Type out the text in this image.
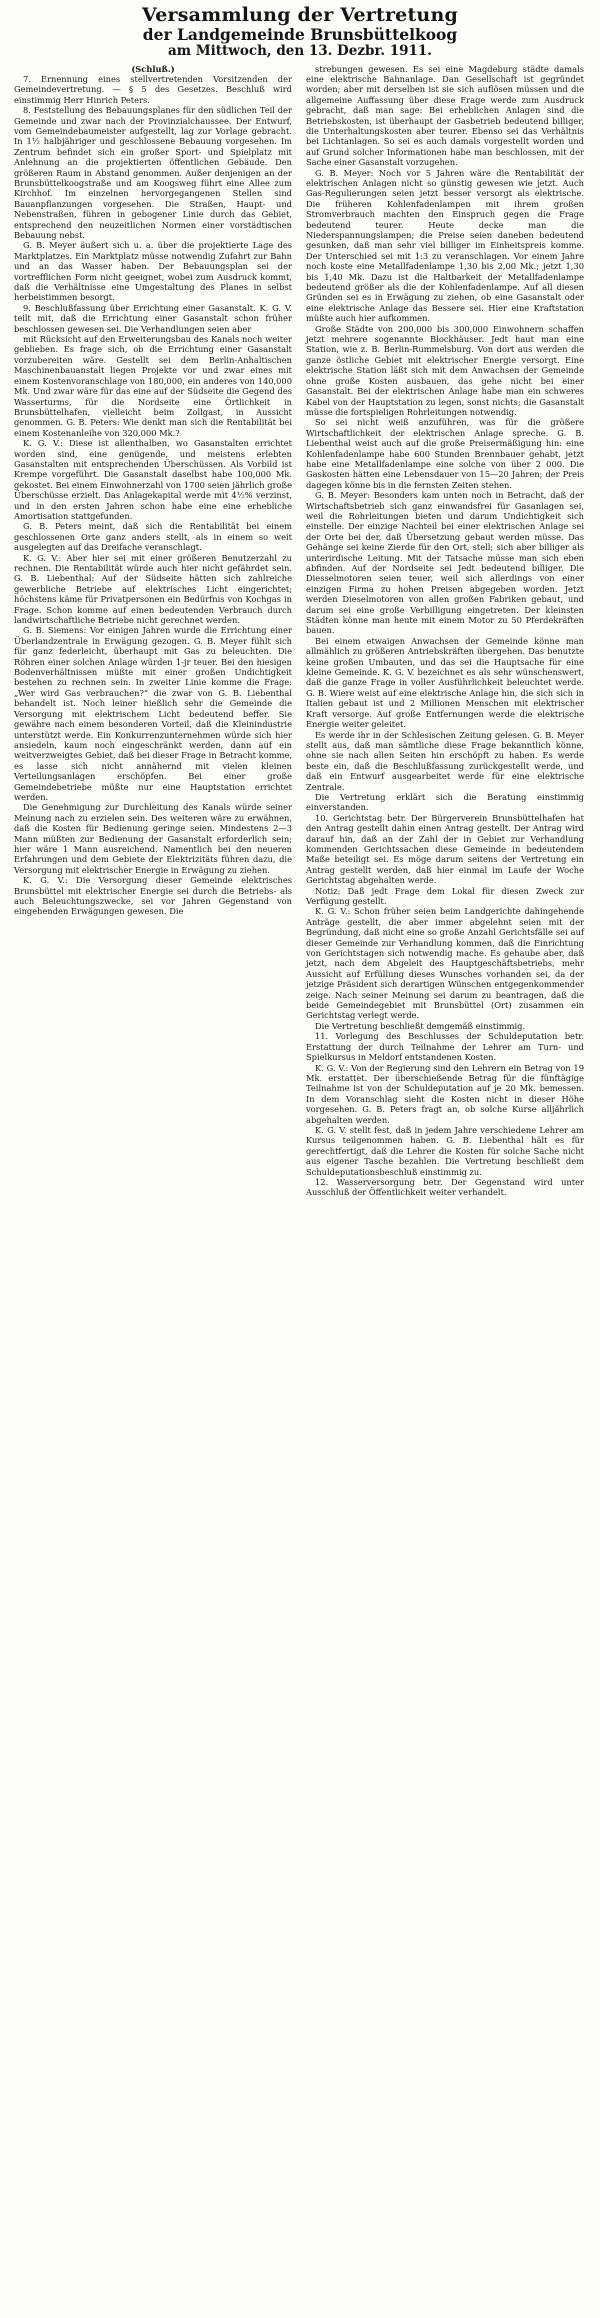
Versammlung der Vertretung
der Landgemeinde Brunsbüttelkoog
am Mittwoch, den 13. Dezbr. 1911.

(Schluß.)

7. Ernennung eines stellvertretenden Vorsitzenden der Gemeindevertretung. — § 5 des Gesetzes. Beschluß wird einstimmig Herr Hinrich Peters.

8. Feststellung des Bebauungsplanes für den südlichen Teil der Gemeinde und zwar nach der Provinzialchaussee. Der Entwurf, vom Gemeindebaumeister aufgestellt, lag zur Vorlage gebracht. In 1½ halbjähriger und geschlossene Bebauung vorgesehen. Im Zentrum befindet sich ein großer Sport- und Spielplatz mit Anlehnung an die projektierten öffentlichen Gebäude. Den größeren Raum in Abstand genommen. Außer denjenigen an der Brunsbüttelkoogstraße und am Koogsweg führt eine Allee zum Kirchhof. Im einzelnen hervorgegangenen Stellen sind Bauanpflanzungen vorgesehen. Die Straßen, Haupt- und Nebenstraßen, führen in gebogener Linie durch das Gebiet, entsprechend den neuzeitlichen Normen einer vorstädtischen Bebauung nebst.

G. B. Meyer äußert sich u. a. über die projektierte Lage des Marktplatzes. Ein Marktplatz müsse notwendig Zufahrt zur Bahn und an das Wasser haben. Der Bebauungsplan sei der vortrefflichen Form nicht geeignet, wobei zum Ausdruck kommt, daß die Verhältnisse eine Umgestaltung des Planes in selbst herbeistimmen besorgt.

9. Beschlußfassung über Errichtung einer Gasanstalt. K. G. V. teilt mit, daß die Errichtung einer Gasanstalt schon früher beschlossen gewesen sei. Die Verhandlungen seien aber

mit Rücksicht auf den Erweiterungsbau des Kanals noch weiter geblieben. Es frage sich, ob die Errichtung einer Gasanstalt vorzubereiten wäre. Gestellt sei dem Berlin-Anhaltischen Maschinenbauanstalt liegen Projekte vor und zwar eines mit einem Kostenvoranschlage von 180,000, ein anderes von 140,000 Mk. Und zwar wäre für das eine auf der Südseite die Gegend des Wasserturms, für die Nordseite eine Örtlichkeit in Brunsbüttelhafen, vielleicht beim Zollgast, in Aussicht genommen. G. B. Peters: Wie denkt man sich die Rentabilität bei einem Kostenanleihe von 320,000 Mk.?

K. G. V.: Diese ist allenthalben, wo Gasanstalten errichtet worden sind, eine genügende, und meistens erlebten Gasanstalten mit entsprechenden Überschüssen. Als Vorbild ist Krempe vorgeführt. Die Gasanstalt daselbst habe 100,000 Mk. gekostet. Bei einem Einwohnerzahl von 1700 seien jährlich große Überschüsse erzielt. Das Anlagekapital werde mit 4½% verzinst, und in den ersten Jahren schon habe eine eine erhebliche Amortisation stattgefunden.

G. B. Peters meint, daß sich die Rentabilität bei einem geschlossenen Orte ganz anders stellt, als in einem so weit ausgelegten auf das Dreifache veranschlagt.

K. G. V.: Aber hier sei mit einer größeren Benutzerzahl zu rechnen. Die Rentabilität würde auch hier nicht gefährdet sein. G. B. Liebenthal: Auf der Südseite hätten sich zahlreiche gewerbliche Betriebe auf elektrisches Licht eingerichtet; höchstens käme für Privatpersonen ein Bedürfnis von Kochgas in Frage. Schon komme auf einen bedeutenden Verbrauch durch landwirtschaftliche Betriebe nicht gerechnet werden.

G. B. Siemens: Vor einigen Jahren wurde die Errichtung einer Überlandzentrale in Erwägung gezogen. G. B. Meyer fühlt sich für ganz federleicht, überhaupt mit Gas zu beleuchten. Die Röhren einer solchen Anlage würden 1-jr teuer. Bei den hiesigen Bodenverhältnissen müßte mit einer großen Undichtigkeit bestehen zu rechnen sein. In zweiter Linie komme die Frage: „Wer wird Gas verbrauchen?“ die zwar von G. B. Liebenthal behandelt ist. Noch leiner hießlich sehr die Gemeinde die Versorgung mit elektrischem Licht bedeutend beffer. Sie gewähre nach einem besonderen Vorteil, daß die Kleinindustrie unterstützt werde. Ein Konkurrenzunternehmen würde sich hier ansiedeln, kaum noch eingeschränkt werden, dann auf ein weitverzweigtes Gebiet, daß bei dieser Frage in Betracht komme, es lasse sich nicht annähernd mit vielen kleinen Verteilungsanlagen erschöpfen. Bei einer große Gemeindebetriebe müßte nur eine Hauptstation errichtet werden.

Die Genehmigung zur Durchleitung des Kanals würde seiner Meinung nach zu erzielen sein. Des weiteren wäre zu erwähnen, daß die Kosten für Bedienung geringe seien. Mindestens 2—3 Mann müßten zur Bedienung der Gasanstalt erforderlich sein; hier wäre 1 Mann ausreichend. Namentlich bei den neueren Erfahrungen und dem Gebiete der Elektrizitäts führen dazu, die Versorgung mit elektrischer Energie in Erwägung zu ziehen.

K. G. V.: Die Versorgung dieser Gemeinde elektrisches Brunsbüttel mit elektrischer Energie sei durch die Betriebs- als auch Beleuchtungszwecke, sei vor Jahren Gegenstand von eingehenden Erwägungen gewesen. Die

strebungen gewesen. Es sei eine Magdeburg städte damals eine elektrische Bahnanlage. Dan Gesellschaft ist gegründet worden; aber mit derselben ist sie sich auflösen müssen und die allgemeine Auffassung über diese Frage werde zum Ausdruck gebracht, daß man sage: Bei erheblichen Anlagen sind die Betriebskosten, ist überhaupt der Gasbetrieb bedeutend billiger, die Unterhaltungskosten aber teurer. Ebenso sei das Verhältnis bei Lichtanlagen. So sei es auch damals vorgestellt worden und auf Grund solcher Informationen habe man beschlossen, mit der Sache einer Gasanstalt vorzugehen.

G. B. Meyer: Noch vor 5 Jahren wäre die Rentabilität der elektrischen Anlagen nicht so günstig gewesen wie jetzt. Auch Gas-Regulierungen seien jetzt besser versorgt als elektrische. Die früheren Kohlenfadenlampen mit ihrem großen Stromverbrauch machten den Einspruch gegen die Frage bedeutend teurer. Heute decke man die Niederspannungslampen; die Preise seien daneben bedeutend gesunken, daß man sehr viel billiger im Einheitspreis komme. Der Unterschied sei mit 1:3 zu veranschlagen. Vor einem Jahre noch koste eine Metallfadenlampe 1,30 bis 2,00 Mk.; jetzt 1,30 bis 1,40 Mk. Dazu ist die Haltbarkeit der Metallfadenlampe bedeutend größer als die der Kohlenfadenlampe. Auf all diesen Gründen sei es in Erwägung zu ziehen, ob eine Gasanstalt oder eine elektrische Anlage das Bessere sei. Hier eine Kraftstation müßte auch hier aufkommen.

Große Städte von 200,000 bis 300,000 Einwohnern schaffen jetzt mehrere sogenannte Blockhäuser. Jedt haut man eine Station, wie z. B. Berlin-Rummelsburg. Von dort aus werden die ganze östliche Gebiet mit elektrischer Energie versorgt. Eine elektrische Station läßt sich mit dem Anwachsen der Gemeinde ohne große Kosten ausbauen, das gehe nicht bei einer Gasanstalt. Bei der elektrischen Anlage habe man ein schweres Kabel von der Hauptstation zu legen, sonst nichts; die Gasanstalt müsse die fortspieligen Rohrleitungen notwendig.

So sei nicht weiß anzuführen, was für die größere Wirtschaftlichkeit der elektrischen Anlage spreche. G. B. Liebenthal weist auch auf die große Preisermäßigung hin: eine Kohlenfadenlampe habe 600 Stunden Brennbauer gehabt, jetzt habe eine Metallfadenlampe eine solche von über 2 000. Die Gaskosten hätten eine Lebensdauer von 15—20 Jahren; der Preis dagegen könne bis in die fernsten Zeiten stehen.

G. B. Meyer: Besonders kam unten noch in Betracht, daß der Wirtschaftsbetrieb sich ganz einwandsfrei für Gasanlagen sei, weil die Rohrleitungen bieten und darum Undichtigkeit sich einstelle. Der einzige Nachteil bei einer elektrischen Anlage sei der Orte bei der, daß Übersetzung gebaut werden müsse. Das Gehänge sei keine Zierde für den Ort, stell; sich aber billiger als unterirdische Leitung. Mit der Tatsache müsse man sich eben abfinden. Auf der Nordseite sei Jedt bedeutend billiger. Die Diesselmotoren seien teuer, weil sich allerdings von einer einzigen Firma zu hohen Preisen abgegeben worden. Jetzt werden Dieselmotoren von allen großen Fabriken gebaut, und darum sei eine große Verbilligung eingetreten. Der kleinsten Städten könne man heute mit einem Motor zu 50 Pferdekräften bauen.

Bei einem etwaigen Anwachsen der Gemeinde könne man allmählich zu größeren Antriebskräften übergehen. Das benutzte keine großen Umbauten, und das sei die Hauptsache für eine kleine Gemeinde. K. G. V. bezeichnet es als sehr wünschenswert, daß die ganze Frage in voller Ausführlichkeit beleuchtet werde. G. B. Wiere weist auf eine elektrische Anlage hin, die sich sich in Italien gebaut ist und 2 Millionen Menschen mit elektrischer Kraft versorge. Auf große Entfernungen werde die elektrische Energie weiter geleitet.

Es werde ihr in der Schlesischen Zeitung gelesen. G. B. Meyer stellt aus, daß man sämtliche diese Frage bekanntlich könne, ohne sie nach allen Seiten hin erschöpft zu haben. Es werde beste ein, daß die Beschlußfassung zurückgestellt werde, und daß ein Entwurf ausgearbeitet werde für eine elektrische Zentrale.

Die Vertretung erklärt sich die Beratung einstimmig einverstanden.

10. Gerichtstag betr. Der Bürgerverein Brunsbüttelhafen hat den Antrag gestellt dahin einen Antrag gestellt. Der Antrag wird darauf hin, daß an der Zahl der in Gebiet zur Verhandlung kommenden Gerichtssachen diese Gemeinde in bedeutendem Maße beteiligt sei. Es möge darum seitens der Vertretung ein Antrag gestellt werden, daß hier einmal im Laufe der Woche Gerichtstag abgehalten werde.

Notiz: Daß jedt Frage dem Lokal für diesen Zweck zur Verfügung gestellt.

K. G. V.: Schon früher seien beim Landgerichte dahingehende Anträge gestellt, die aber immer abgelehnt seien mit der Begründung, daß nicht eine so große Anzahl Gerichtsfälle sei auf dieser Gemeinde zur Verhandlung kommen, daß die Einrichtung von Gerichtstagen sich notwendig mache. Es gehaube aber, daß jetzt, nach dem Abgeleit des Hauptgeschäftsbetriebs, mehr Aussicht auf Erfüllung dieses Wunsches vorhanden sei, da der jetzige Präsident sich derartigen Wünschen entgegenkommender zeige. Nach seiner Meinung sei darum zu beantragen, daß die beide Gemeindegebiet mit Brunsbüttel (Ort) zusammen ein Gerichtstag verlegt werde.

Die Vertretung beschließt demgemäß einstimmig.

11. Vorlegung des Beschlusses der Schuldeputation betr. Erstattung der durch Teilnahme der Lehrer am Turn- und Spielkursus in Meldorf entstandenen Kosten.

K. G. V.: Von der Regierung sind den Lehrern ein Betrag von 19 Mk. erstattet. Der überschießende Betrag für die fünftägige Teilnahme ist von der Schuldeputation auf je 20 Mk. bemessen. In dem Voranschlag sieht die Kosten nicht in dieser Höhe vorgesehen. G. B. Peters fragt an, ob solche Kurse alljährlich abgehalten werden.

K. G. V. stellt fest, daß in jedem Jahre verschiedene Lehrer am Kursus teilgenommen haben. G. B. Liebenthal hält es für gerechtfertigt, daß die Lehrer die Kosten für solche Sache nicht aus eigener Tasche bezahlen. Die Vertretung beschließt dem Schuldeputationsbeschluß einstimmig zu.

12. Wasserversorgung betr. Der Gegenstand wird unter Ausschluß der Öffentlichkeit weiter verhandelt.
